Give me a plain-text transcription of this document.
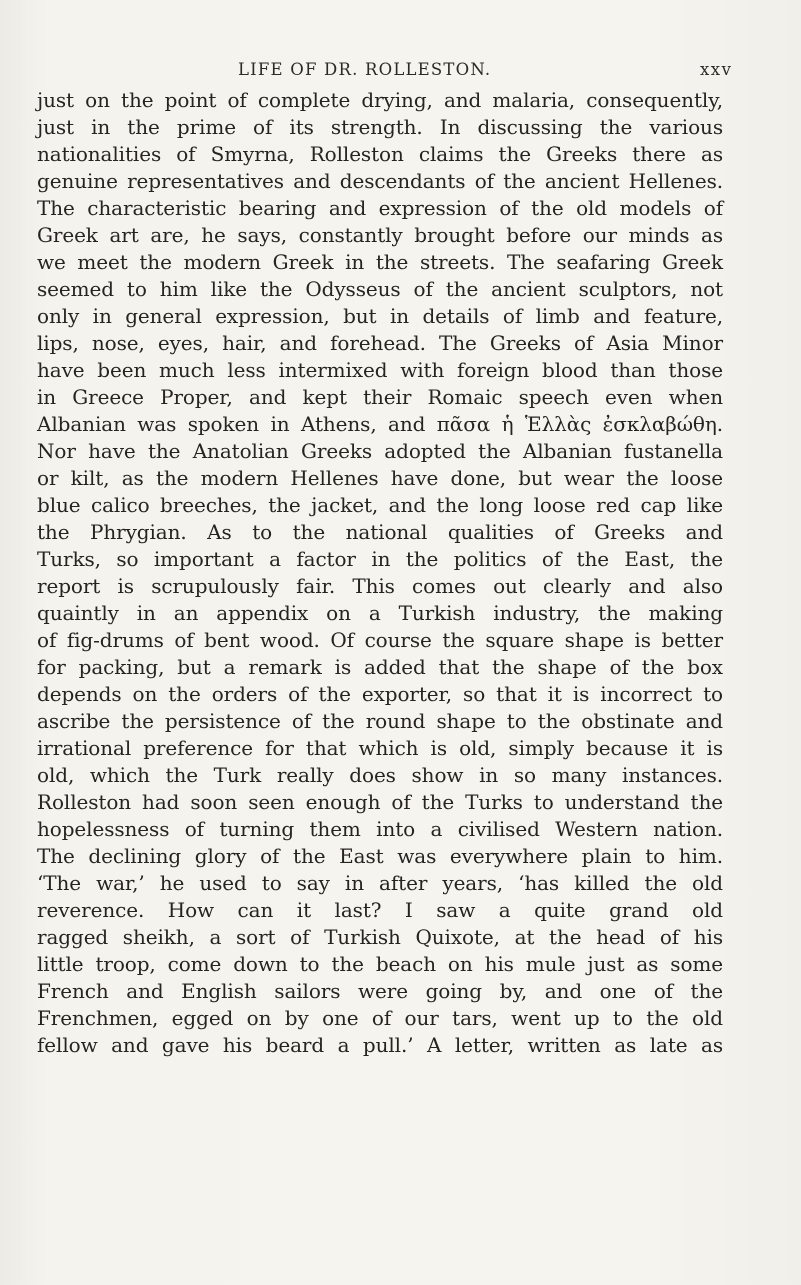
LIFE OF DR. ROLLESTON.	xxv
just on the point of complete drying, and malaria, consequently,
just in the prime of its strength. In discussing the various
nationalities of Smyrna, Rolleston claims the Greeks there as
genuine representatives and descendants of the ancient Hellenes.
The characteristic bearing and expression of the old models of
Greek art are, he says, constantly brought before our minds as
we meet the modern Greek in the streets. The seafaring Greek
seemed to him like the Odysseus of the ancient sculptors, not
only in general expression, but in details of limb and feature,
lips, nose, eyes, hair, and forehead. The Greeks of Asia Minor
have been much less intermixed with foreign blood than those
in Greece Proper, and kept their Romaic speech even when
Albanian was spoken in Athens, and πᾶσα ἡ Ἑλλὰς ἐσκλαβώθη.
Nor have the Anatolian Greeks adopted the Albanian fustanella
or kilt, as the modern Hellenes have done, but wear the loose
blue calico breeches, the jacket, and the long loose red cap like
the Phrygian. As to the national qualities of Greeks and
Turks, so important a factor in the politics of the East, the
report is scrupulously fair. This comes out clearly and also
quaintly in an appendix on a Turkish industry, the making
of fig-drums of bent wood. Of course the square shape is better
for packing, but a remark is added that the shape of the box
depends on the orders of the exporter, so that it is incorrect to
ascribe the persistence of the round shape to the obstinate and
irrational preference for that which is old, simply because it is
old, which the Turk really does show in so many instances.
Rolleston had soon seen enough of the Turks to understand the
hopelessness of turning them into a civilised Western nation.
The declining glory of the East was everywhere plain to him.
‘The war,’ he used to say in after years, ‘has killed the old
reverence. How can it last? I saw a quite grand old
ragged sheikh, a sort of Turkish Quixote, at the head of his
little troop, come down to the beach on his mule just as some
French and English sailors were going by, and one of the
Frenchmen, egged on by one of our tars, went up to the old
fellow and gave his beard a pull.’ A letter, written as late as
